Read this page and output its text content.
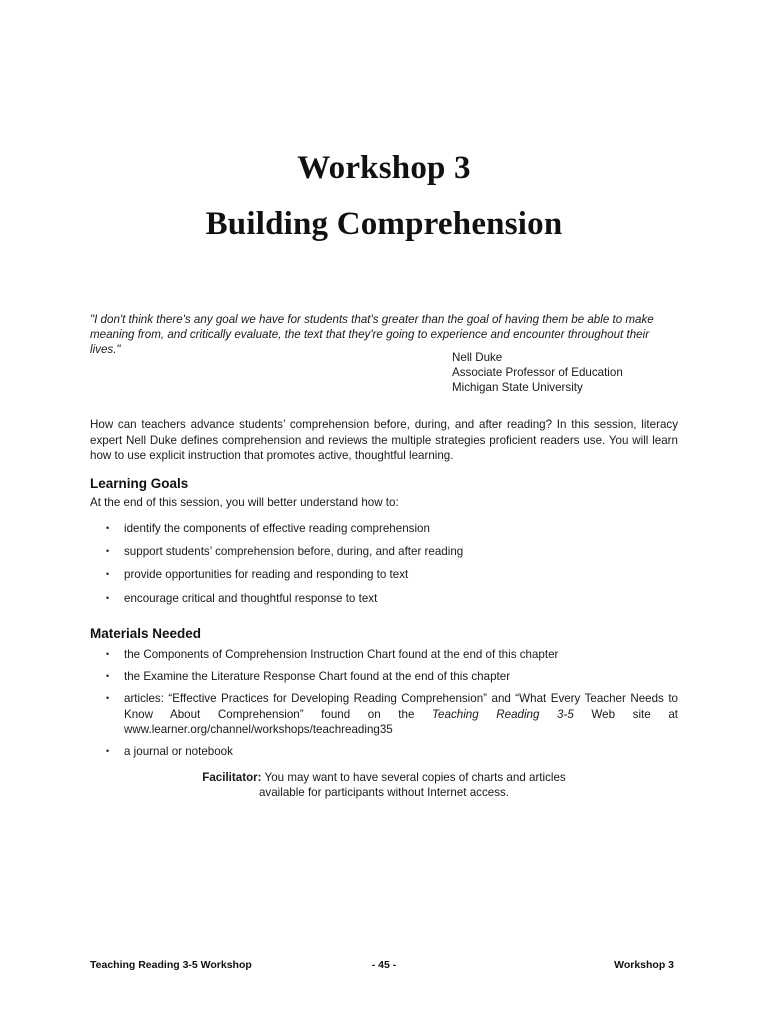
Workshop 3
Building Comprehension

"I don't think there's any goal we have for students that's greater than the goal of having them be able to make meaning from, and critically evaluate, the text that they're going to experience and encounter throughout their lives."

Nell Duke
Associate Professor of Education
Michigan State University

How can teachers advance students’ comprehension before, during, and after reading? In this session, literacy expert Nell Duke defines comprehension and reviews the multiple strategies proficient readers use. You will learn how to use explicit instruction that promotes active, thoughtful learning.

Learning Goals

At the end of this session, you will better understand how to:

• identify the components of effective reading comprehension
• support students’ comprehension before, during, and after reading
• provide opportunities for reading and responding to text
• encourage critical and thoughtful response to text
Materials Needed
• the Components of Comprehension Instruction Chart found at the end of this chapter
• the Examine the Literature Response Chart found at the end of this chapter
• articles: “Effective Practices for Developing Reading Comprehension” and “What Every Teacher Needs to Know About Comprehension” found on the Teaching Reading 3-5 Web site at www.learner.org/channel/workshops/teachreading35
• a journal or notebook
Facilitator: You may want to have several copies of charts and articles
available for participants without Internet access.
Teaching Reading 3-5 Workshop	- 45 -	Workshop 3
